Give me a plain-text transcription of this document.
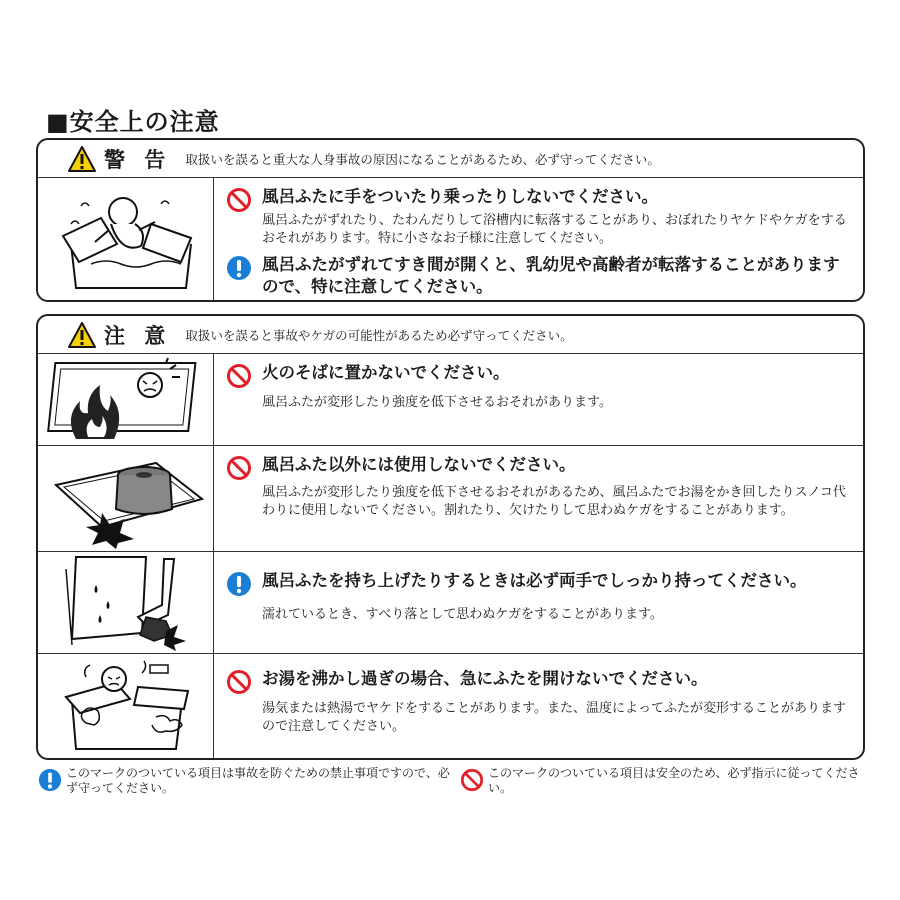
■安全上の注意
警 告 取扱いを誤ると重大な人身事故の原因になることがあるため、必ず守ってください。
風呂ふたに手をついたり乗ったりしないでください。
風呂ふたがずれたり、たわんだりして浴槽内に転落することがあり、おぼれたりヤケドやケガをするおそれがあります。特に小さなお子様に注意してください。
風呂ふたがずれてすき間が開くと、乳幼児や高齢者が転落することがありますので、特に注意してください。
注 意 取扱いを誤ると事故やケガの可能性があるため必ず守ってください。
火のそばに置かないでください。
風呂ふたが変形したり強度を低下させるおそれがあります。
風呂ふた以外には使用しないでください。
風呂ふたが変形したり強度を低下させるおそれがあるため、風呂ふたでお湯をかき回したりスノコ代わりに使用しないでください。割れたり、欠けたりして思わぬケガをすることがあります。
風呂ふたを持ち上げたりするときは必ず両手でしっかり持ってください。
濡れているとき、すべり落として思わぬケガをすることがあります。
お湯を沸かし過ぎの場合、急にふたを開けないでください。
湯気または熱湯でヤケドをすることがあります。また、温度によってふたが変形することがありますので注意してください。
このマークのついている項目は事故を防ぐための禁止事項ですので、必ず守ってください。
このマークのついている項目は安全のため、必ず指示に従ってください。
